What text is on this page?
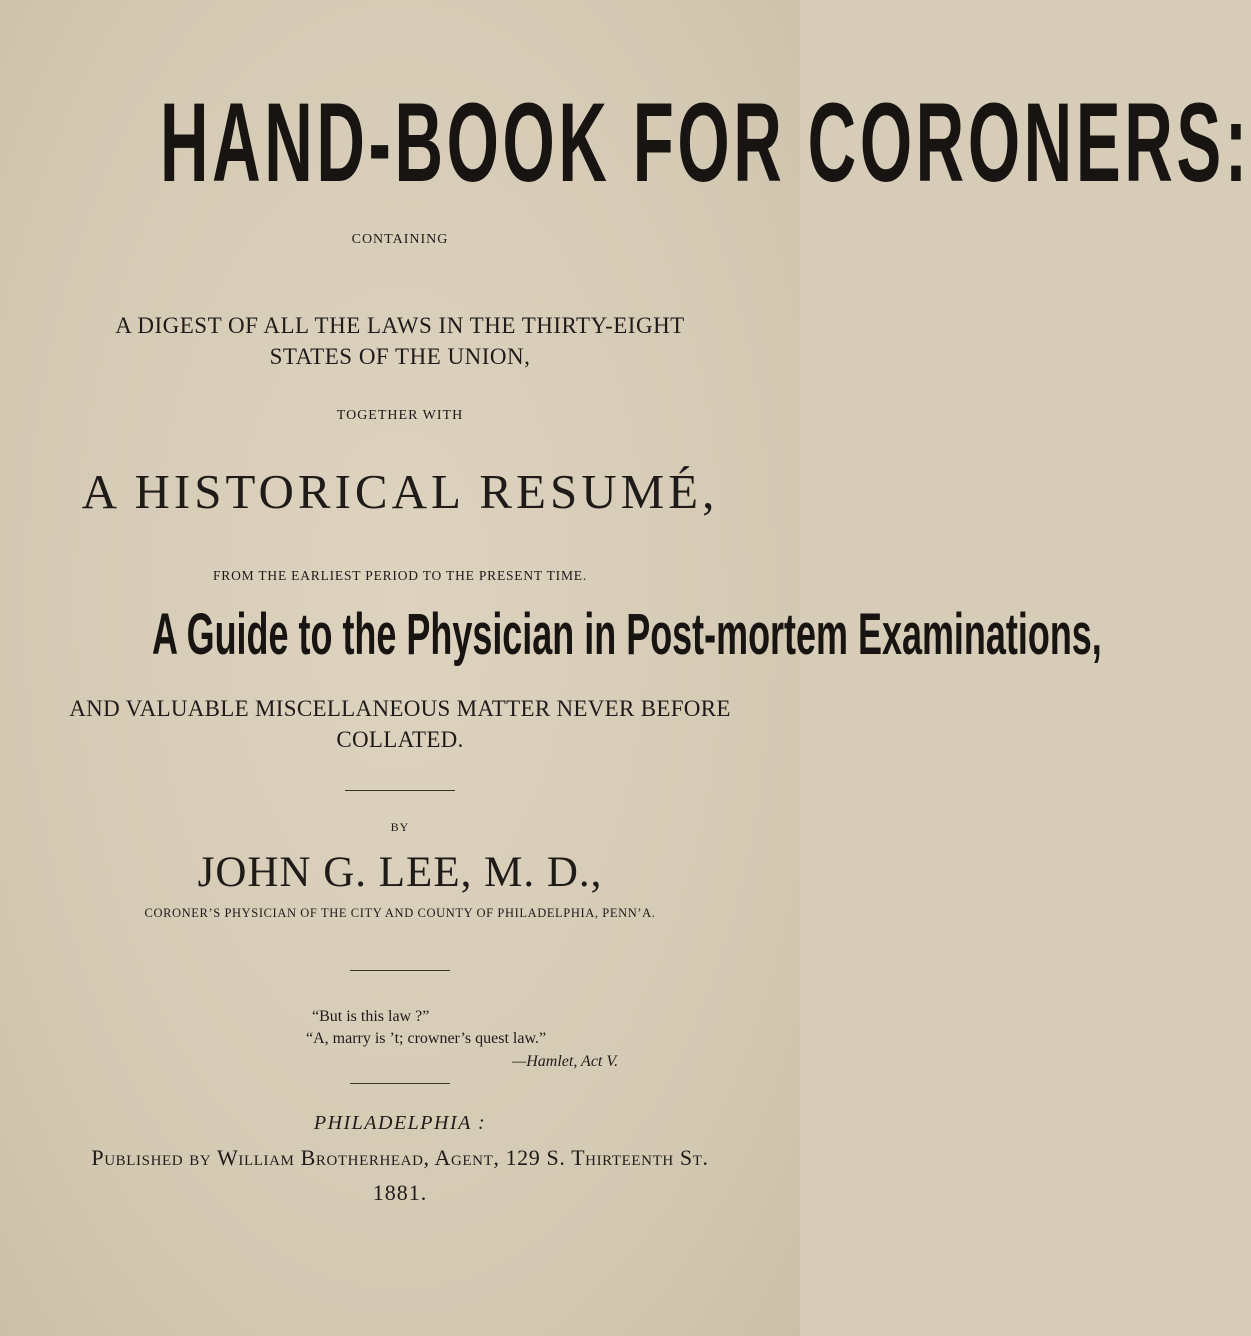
HAND-BOOK FOR CORONERS:
CONTAINING
A DIGEST OF ALL THE LAWS IN THE THIRTY-EIGHT
STATES OF THE UNION,
TOGETHER WITH
A HISTORICAL RESUMÉ,
FROM THE EARLIEST PERIOD TO THE PRESENT TIME.
A Guide to the Physician in Post-mortem Examinations,
AND VALUABLE MISCELLANEOUS MATTER NEVER BEFORE
COLLATED.
BY
JOHN G. LEE, M. D.,
CORONER’S PHYSICIAN OF THE CITY AND COUNTY OF PHILADELPHIA, PENN’A.
“But is this law ?”
“A, marry is ’t; crowner’s quest law.”
—Hamlet, Act V.
PHILADELPHIA :
Published by William Brotherhead, Agent, 129 S. Thirteenth St.
1881.
